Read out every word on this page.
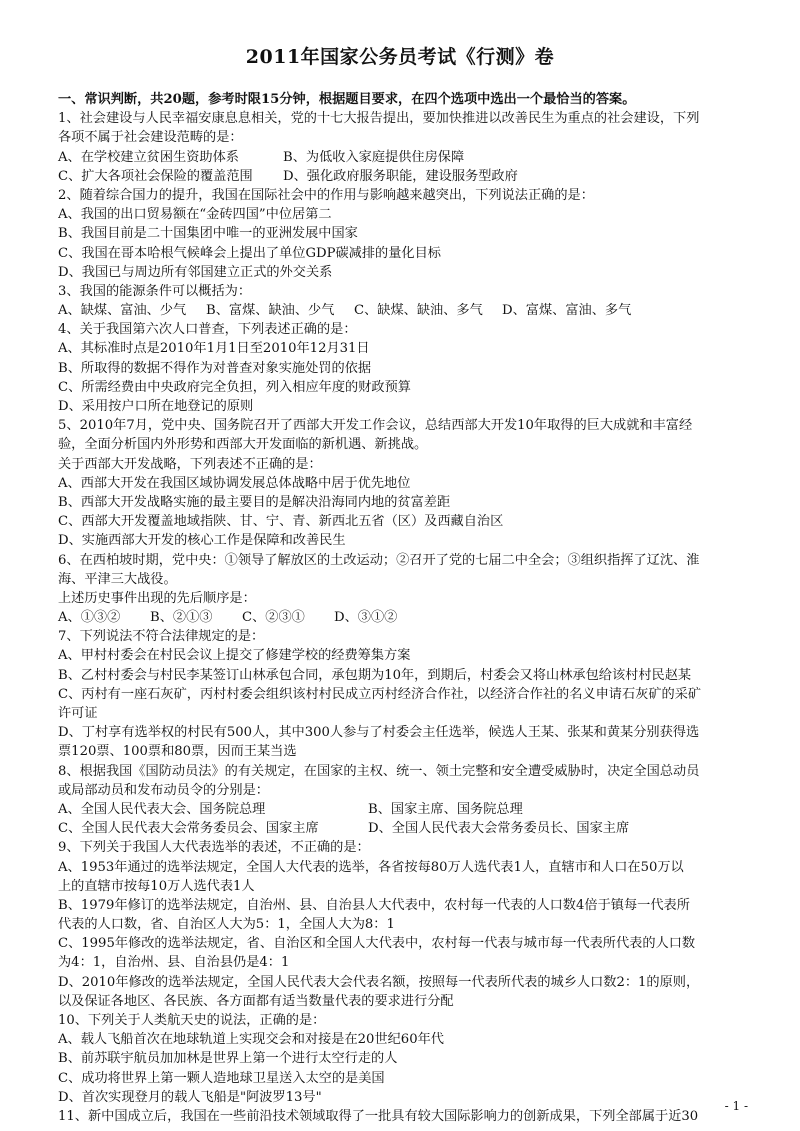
2011年国家公务员考试《行测》卷
一、常识判断，共20题，参考时限15分钟，根据题目要求，在四个选项中选出一个最恰当的答案。
1、社会建设与人民幸福安康息息相关，党的十七大报告提出，要加快推进以改善民生为重点的社会建设，下列
各项不属于社会建设范畴的是：
A、在学校建立贫困生资助体系	B、为低收入家庭提供住房保障
C、扩大各项社会保险的覆盖范围	D、强化政府服务职能，建设服务型政府
2、随着综合国力的提升，我国在国际社会中的作用与影响越来越突出，下列说法正确的是：
A、我国的出口贸易额在“金砖四国”中位居第二
B、我国目前是二十国集团中唯一的亚洲发展中国家
C、我国在哥本哈根气候峰会上提出了单位GDP碳减排的量化目标
D、我国已与周边所有邻国建立正式的外交关系
3、我国的能源条件可以概括为：
A、缺煤、富油、少气	B、富煤、缺油、少气	C、缺煤、缺油、多气	D、富煤、富油、多气
4、关于我国第六次人口普查，下列表述正确的是：
A、其标准时点是2010年1月1日至2010年12月31日
B、所取得的数据不得作为对普查对象实施处罚的依据
C、所需经费由中央政府完全负担，列入相应年度的财政预算
D、采用按户口所在地登记的原则
5、2010年7月，党中央、国务院召开了西部大开发工作会议，总结西部大开发10年取得的巨大成就和丰富经
验，全面分析国内外形势和西部大开发面临的新机遇、新挑战。
关于西部大开发战略，下列表述不正确的是：
A、西部大开发在我国区域协调发展总体战略中居于优先地位
B、西部大开发战略实施的最主要目的是解决沿海同内地的贫富差距
C、西部大开发覆盖地域指陕、甘、宁、青、新西北五省（区）及西藏自治区
D、实施西部大开发的核心工作是保障和改善民生
6、在西柏坡时期，党中央：①领导了解放区的土改运动；②召开了党的七届二中全会；③组织指挥了辽沈、淮
海、平津三大战役。
上述历史事件出现的先后顺序是：
A、①③②	B、②①③	C、②③①	D、③①②
7、下列说法不符合法律规定的是：
A、甲村村委会在村民会议上提交了修建学校的经费筹集方案
B、乙村村委会与村民李某签订山林承包合同，承包期为10年，到期后，村委会又将山林承包给该村村民赵某
C、丙村有一座石灰矿，丙村村委会组织该村村民成立丙村经济合作社，以经济合作社的名义申请石灰矿的采矿
许可证
D、丁村享有选举权的村民有500人，其中300人参与了村委会主任选举，候选人王某、张某和黄某分别获得选
票120票、100票和80票，因而王某当选
8、根据我国《国防动员法》的有关规定，在国家的主权、统一、领土完整和安全遭受威胁时，决定全国总动员
或局部动员和发布动员令的分别是：
A、全国人民代表大会、国务院总理	B、国家主席、国务院总理
C、全国人民代表大会常务委员会、国家主席	D、全国人民代表大会常务委员长、国家主席
9、下列关于我国人大代表选举的表述，不正确的是：
A、1953年通过的选举法规定，全国人大代表的选举，各省按每80万人选代表1人，直辖市和人口在50万以
上的直辖市按每10万人选代表1人
B、1979年修订的选举法规定，自治州、县、自治县人大代表中，农村每一代表的人口数4倍于镇每一代表所
代表的人口数，省、自治区人大为5：1，全国人大为8：1
C、1995年修改的选举法规定，省、自治区和全国人大代表中，农村每一代表与城市每一代表所代表的人口数
为4：1，自治州、县、自治县仍是4：1
D、2010年修改的选举法规定，全国人民代表大会代表名额，按照每一代表所代表的城乡人口数2：1的原则，
以及保证各地区、各民族、各方面都有适当数量代表的要求进行分配
10、下列关于人类航天史的说法，正确的是：
A、载人飞船首次在地球轨道上实现交会和对接是在20世纪60年代
B、前苏联宇航员加加林是世界上第一个进行太空行走的人
C、成功将世界上第一颗人造地球卫星送入太空的是美国
D、首次实现登月的载人飞船是"阿波罗13号"
11、新中国成立后，我国在一些前沿技术领域取得了一批具有较大国际影响力的创新成果，下列全部属于近30
- 1 -
